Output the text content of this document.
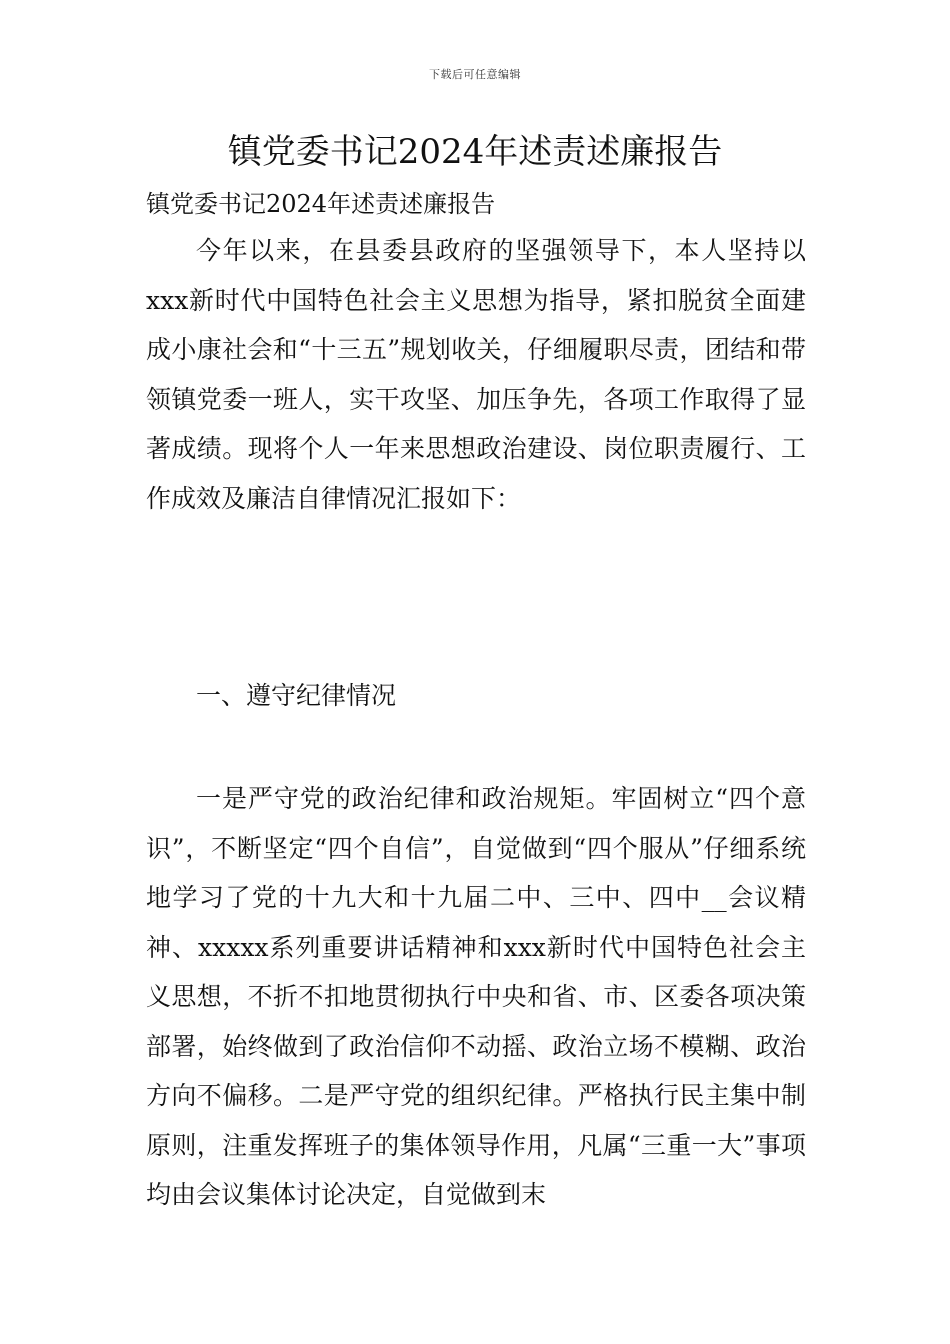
下载后可任意编辑
镇党委书记2024年述责述廉报告

镇党委书记2024年述责述廉报告

今年以来，在县委县政府的坚强领导下，本人坚持以xxx新时代中国特色社会主义思想为指导，紧扣脱贫全面建成小康社会和“十三五”规划收关，仔细履职尽责，团结和带领镇党委一班人，实干攻坚、加压争先，各项工作取得了显著成绩。现将个人一年来思想政治建设、岗位职责履行、工作成效及廉洁自律情况汇报如下：

一、遵守纪律情况

一是严守党的政治纪律和政治规矩。牢固树立“四个意识”，不断坚定“四个自信”，自觉做到“四个服从”仔细系统地学习了党的十九大和十九届二中、三中、四中__会议精神、xxxxx系列重要讲话精神和xxx新时代中国特色社会主义思想，不折不扣地贯彻执行中央和省、市、区委各项决策部署，始终做到了政治信仰不动摇、政治立场不模糊、政治方向不偏移。二是严守党的组织纪律。严格执行民主集中制原则，注重发挥班子的集体领导作用，凡属“三重一大”事项均由会议集体讨论决定，自觉做到末
